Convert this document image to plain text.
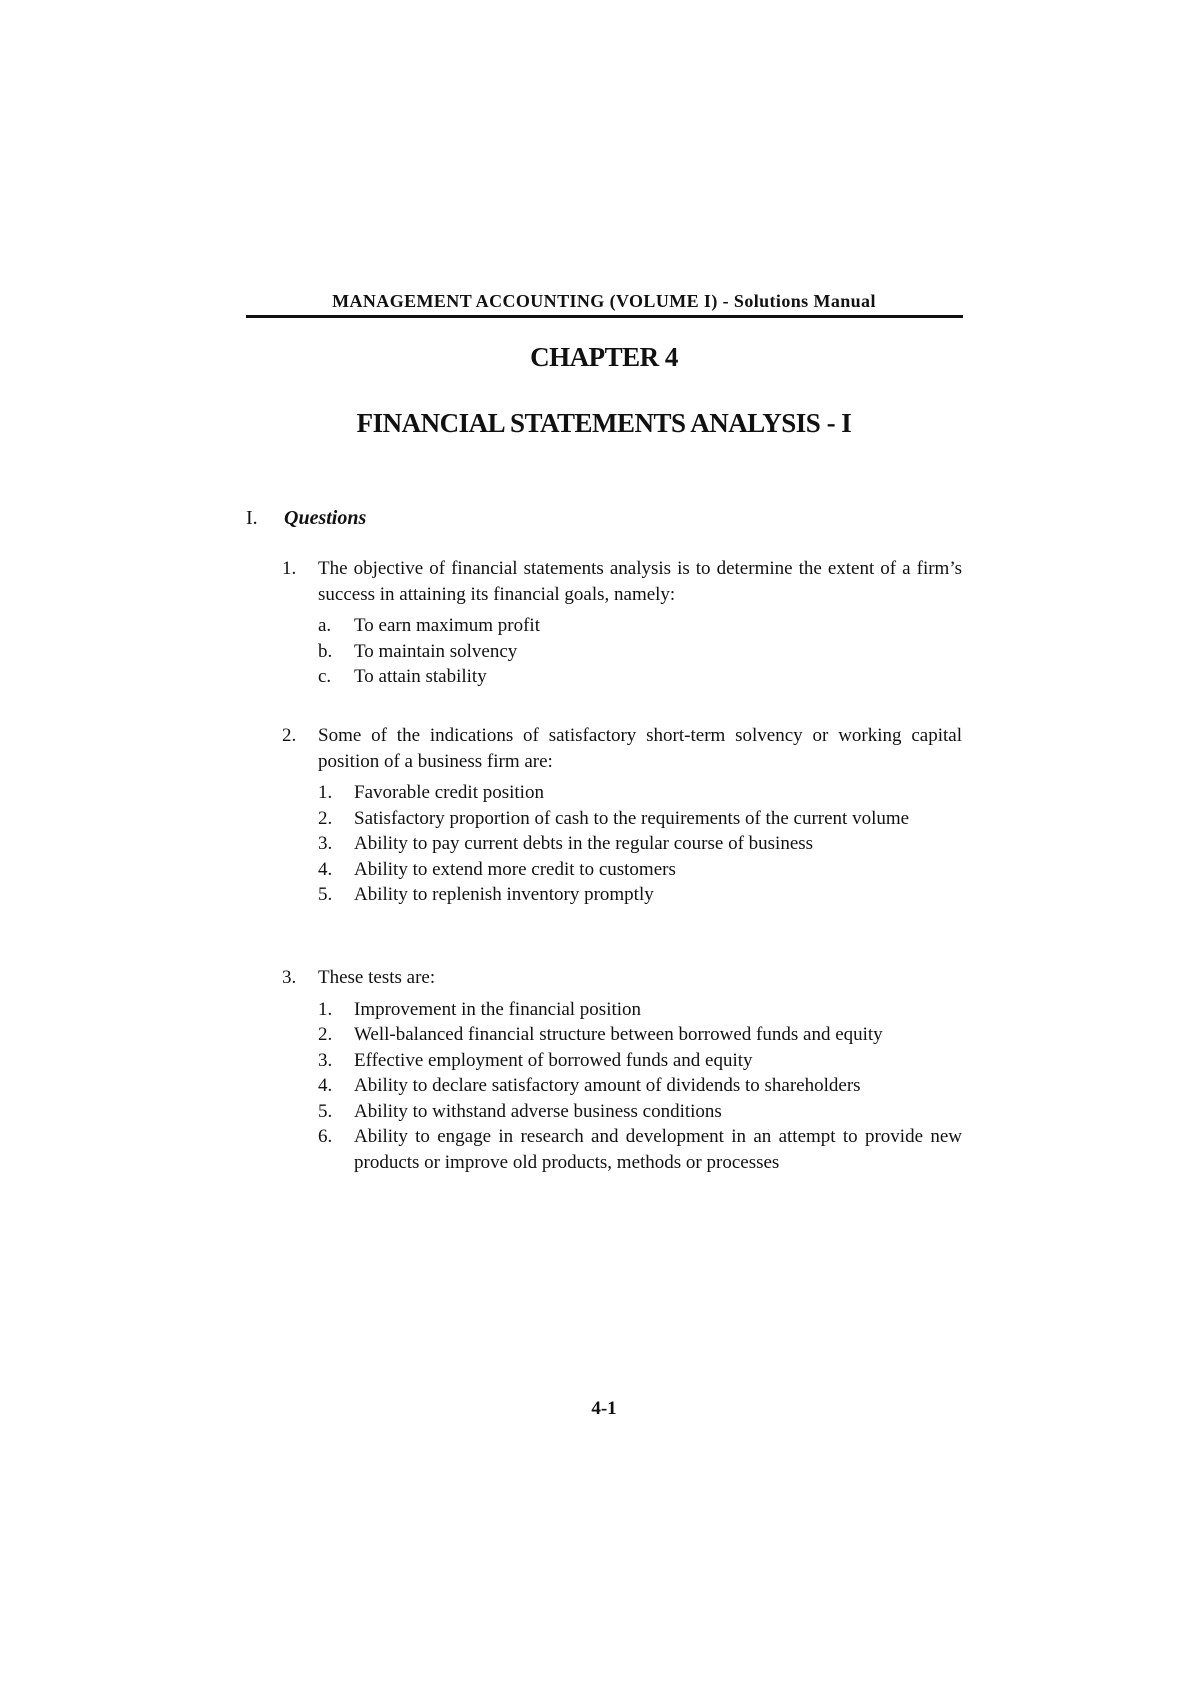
MANAGEMENT ACCOUNTING (VOLUME I) - Solutions Manual
CHAPTER 4
FINANCIAL STATEMENTS ANALYSIS - I
I. Questions
1.	The objective of financial statements analysis is to determine the extent of a firm’s success in attaining its financial goals, namely:
a.	To earn maximum profit
b.	To maintain solvency
c.	To attain stability
2.	Some of the indications of satisfactory short-term solvency or working capital position of a business firm are:
1.	Favorable credit position
2.	Satisfactory proportion of cash to the requirements of the current volume
3.	Ability to pay current debts in the regular course of business
4.	Ability to extend more credit to customers
5.	Ability to replenish inventory promptly
3.	These tests are:
1.	Improvement in the financial position
2.	Well-balanced financial structure between borrowed funds and equity
3.	Effective employment of borrowed funds and equity
4.	Ability to declare satisfactory amount of dividends to shareholders
5.	Ability to withstand adverse business conditions
6.	Ability to engage in research and development in an attempt to provide new products or improve old products, methods or processes
4-1
